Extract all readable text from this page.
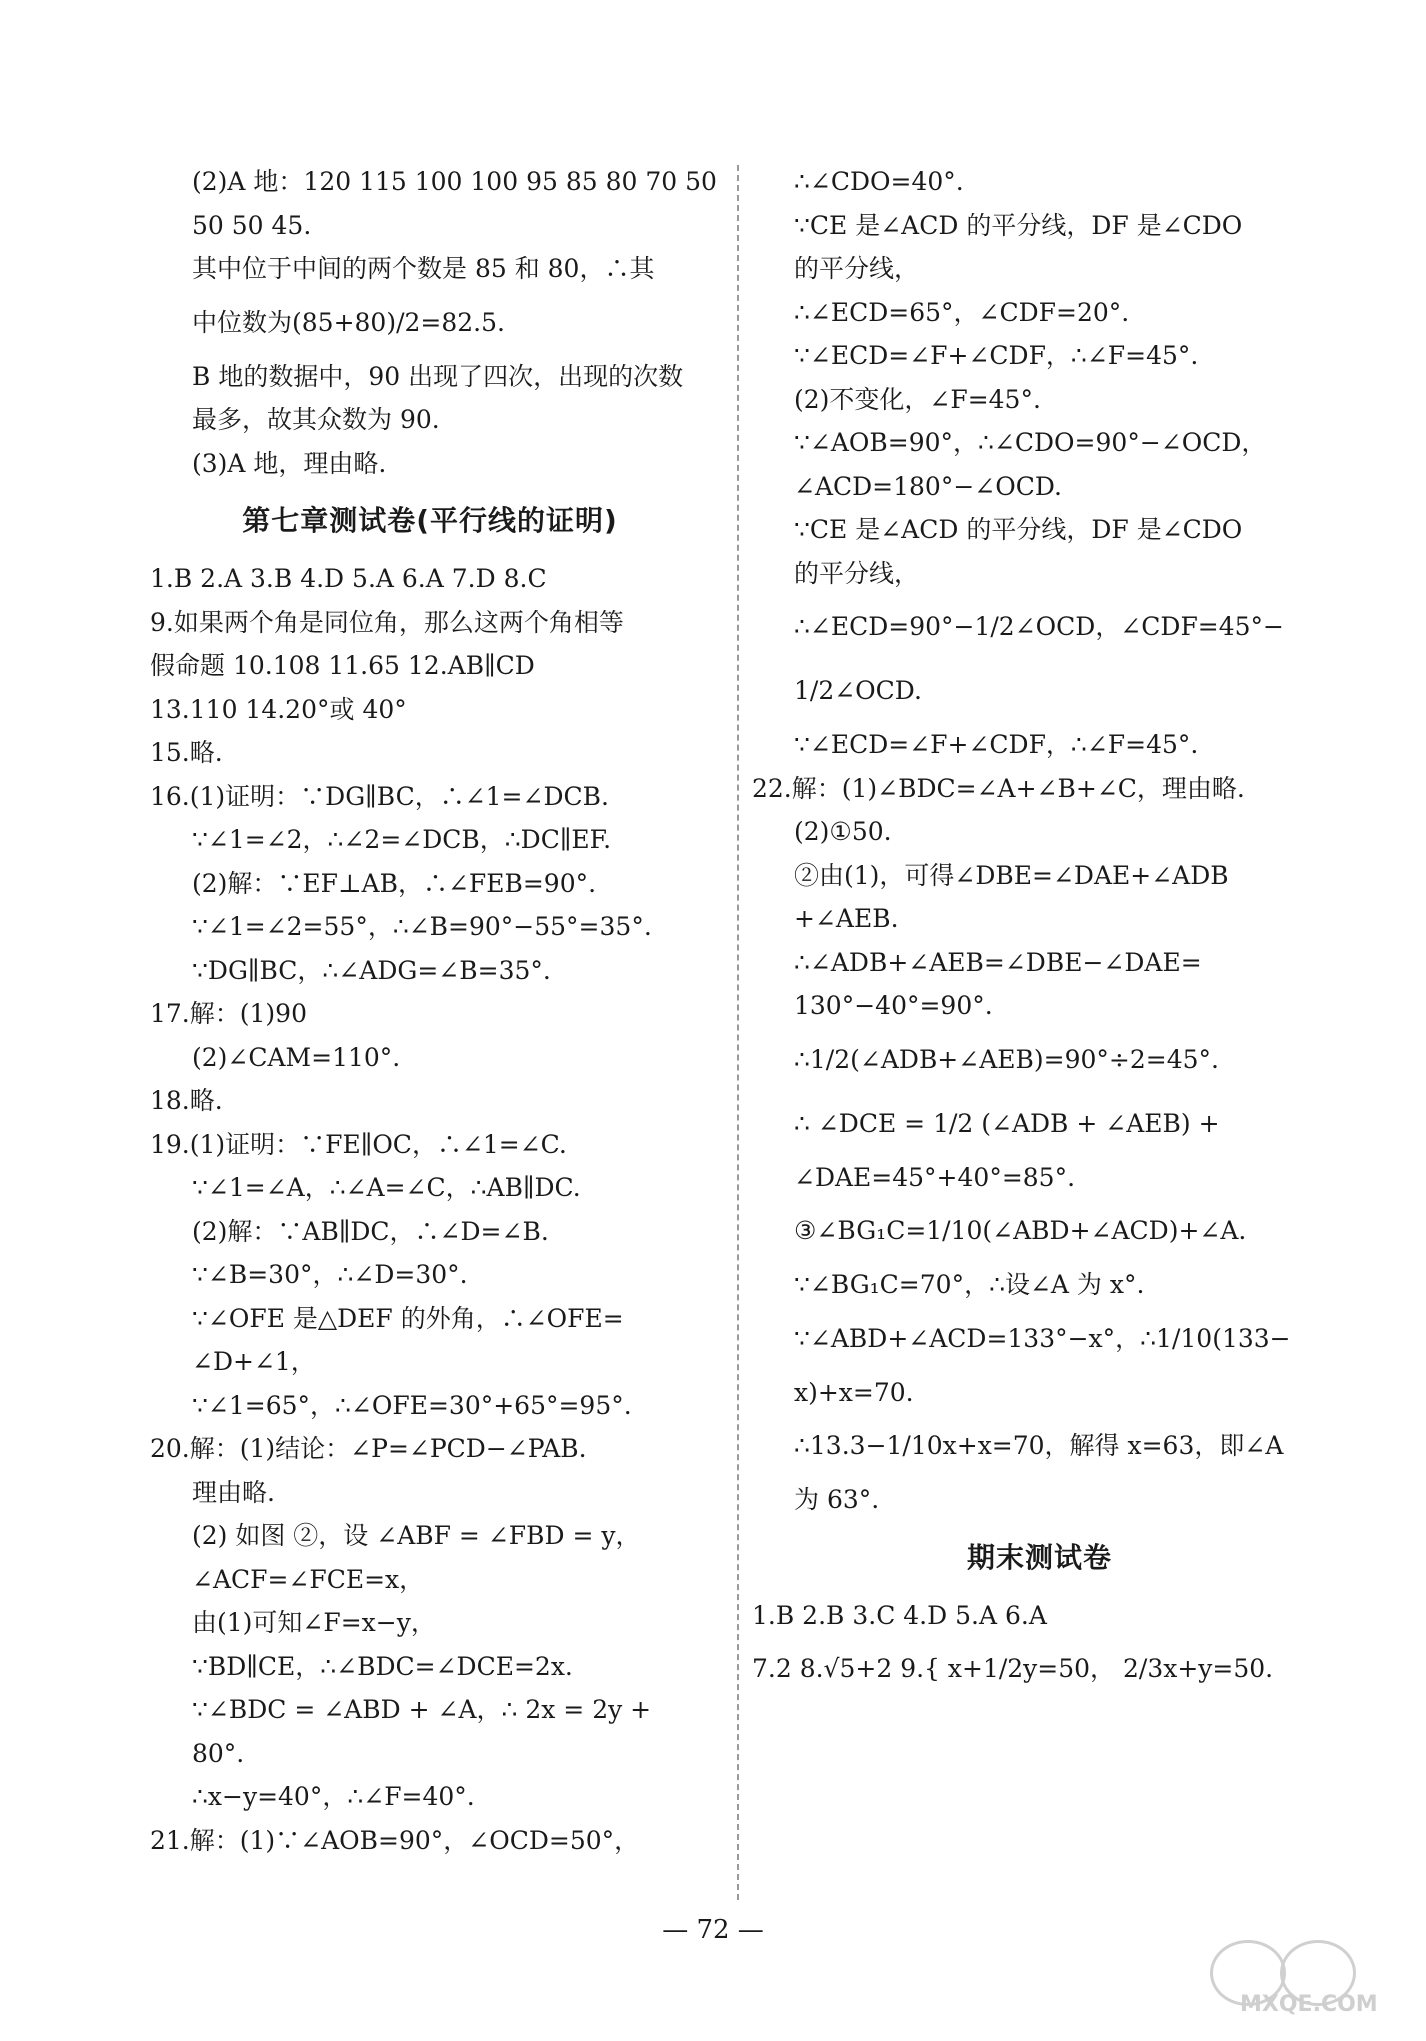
(2)A 地：120 115 100 100 95 85 80 70 50
50 50 45.
其中位于中间的两个数是 85 和 80，∴其
中位数为(85+80)/2=82.5.
B 地的数据中，90 出现了四次，出现的次数
最多，故其众数为 90.
(3)A 地，理由略.
第七章测试卷(平行线的证明)
1.B 2.A 3.B 4.D 5.A 6.A 7.D 8.C
9.如果两个角是同位角，那么这两个角相等
假命题 10.108 11.65 12.AB∥CD
13.110 14.20°或 40°
15.略.
16.(1)证明：∵DG∥BC，∴∠1=∠DCB.
∵∠1=∠2，∴∠2=∠DCB，∴DC∥EF.
(2)解：∵EF⊥AB，∴∠FEB=90°.
∵∠1=∠2=55°，∴∠B=90°−55°=35°.
∵DG∥BC，∴∠ADG=∠B=35°.
17.解：(1)90
(2)∠CAM=110°.
18.略.
19.(1)证明：∵FE∥OC，∴∠1=∠C.
∵∠1=∠A，∴∠A=∠C，∴AB∥DC.
(2)解：∵AB∥DC，∴∠D=∠B.
∵∠B=30°，∴∠D=30°.
∵∠OFE 是△DEF 的外角，∴∠OFE=
∠D+∠1，
∵∠1=65°，∴∠OFE=30°+65°=95°.
20.解：(1)结论：∠P=∠PCD−∠PAB.
理由略.
(2) 如图 ②，设 ∠ABF = ∠FBD = y，
∠ACF=∠FCE=x，
由(1)可知∠F=x−y，
∵BD∥CE，∴∠BDC=∠DCE=2x.
∵∠BDC = ∠ABD + ∠A，∴ 2x = 2y +
80°.
∴x−y=40°，∴∠F=40°.
21.解：(1)∵∠AOB=90°，∠OCD=50°，
∴∠CDO=40°.
∵CE 是∠ACD 的平分线，DF 是∠CDO
的平分线，
∴∠ECD=65°，∠CDF=20°.
∵∠ECD=∠F+∠CDF，∴∠F=45°.
(2)不变化，∠F=45°.
∵∠AOB=90°，∴∠CDO=90°−∠OCD，
∠ACD=180°−∠OCD.
∵CE 是∠ACD 的平分线，DF 是∠CDO
的平分线，
∴∠ECD=90°−1/2∠OCD，∠CDF=45°−
1/2∠OCD.
∵∠ECD=∠F+∠CDF，∴∠F=45°.
22.解：(1)∠BDC=∠A+∠B+∠C，理由略.
(2)①50.
②由(1)，可得∠DBE=∠DAE+∠ADB
+∠AEB.
∴∠ADB+∠AEB=∠DBE−∠DAE=
130°−40°=90°.
∴1/2(∠ADB+∠AEB)=90°÷2=45°.
∴ ∠DCE = 1/2 (∠ADB + ∠AEB) +
∠DAE=45°+40°=85°.
③∠BG₁C=1/10(∠ABD+∠ACD)+∠A.
∵∠BG₁C=70°，∴设∠A 为 x°.
∵∠ABD+∠ACD=133°−x°，∴1/10(133−
x)+x=70.
∴13.3−1/10x+x=70，解得 x=63，即∠A
为 63°.
期末测试卷
1.B 2.B 3.C 4.D 5.A 6.A
7.2 8.√5+2 9.{ x+1/2y=50， 2/3x+y=50.
— 72 —
MXQE.COM
